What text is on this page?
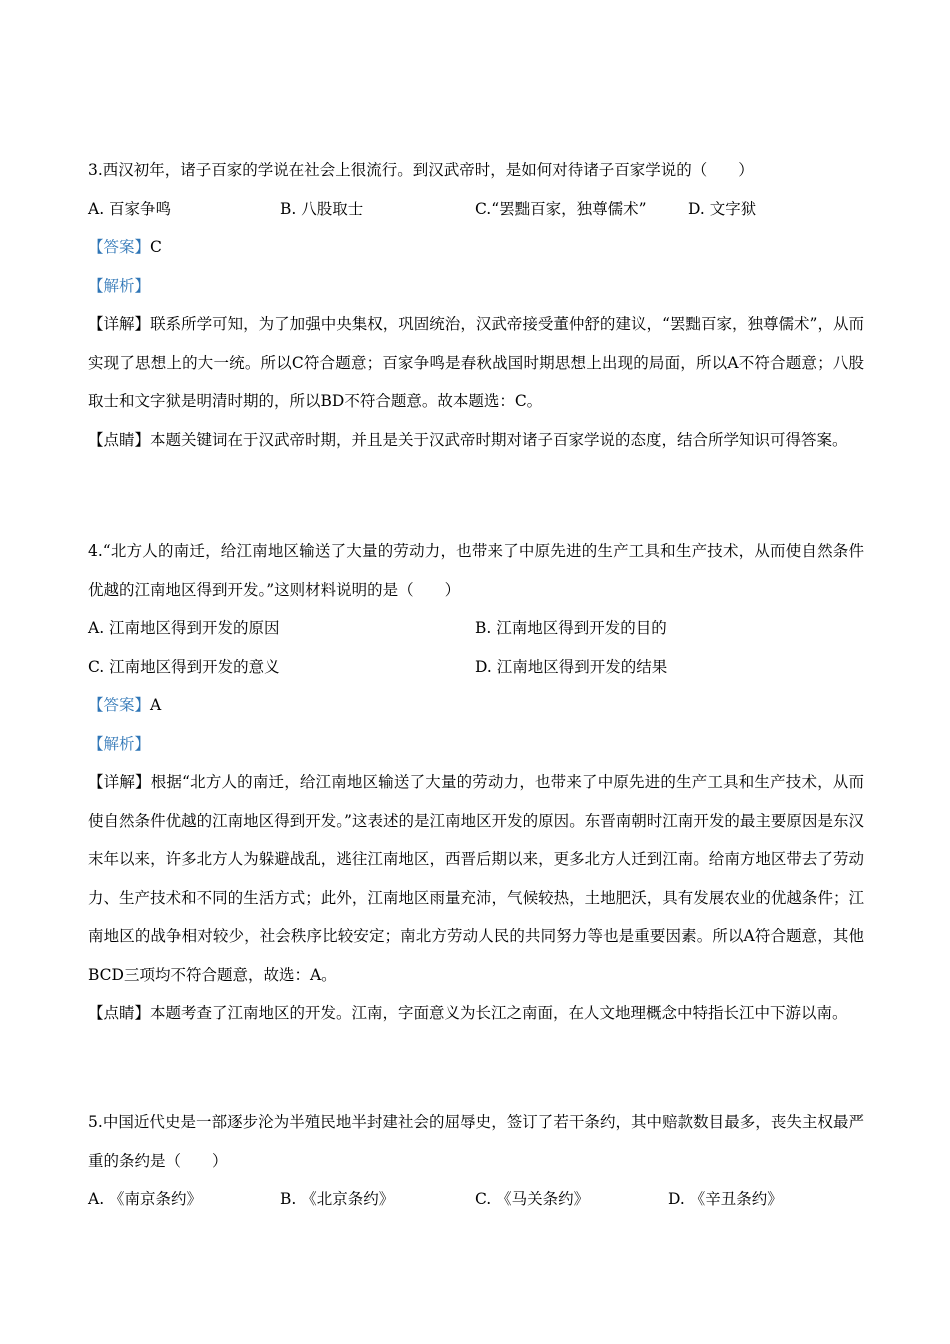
3.西汉初年，诸子百家的学说在社会上很流行。到汉武帝时，是如何对待诸子百家学说的（　　）
A. 百家争鸣	B. 八股取士	C.“罢黜百家，独尊儒术”	D. 文字狱
【答案】C
【解析】
【详解】联系所学可知，为了加强中央集权，巩固统治，汉武帝接受董仲舒的建议，“罢黜百家，独尊儒术”，从而实现了思想上的大一统。所以C符合题意；百家争鸣是春秋战国时期思想上出现的局面，所以A不符合题意；八股取士和文字狱是明清时期的，所以BD不符合题意。故本题选：C。
【点睛】本题关键词在于汉武帝时期，并且是关于汉武帝时期对诸子百家学说的态度，结合所学知识可得答案。
4.“北方人的南迁，给江南地区输送了大量的劳动力，也带来了中原先进的生产工具和生产技术，从而使自然条件优越的江南地区得到开发。”这则材料说明的是（　　）
A. 江南地区得到开发的原因	B. 江南地区得到开发的目的
C. 江南地区得到开发的意义	D. 江南地区得到开发的结果
【答案】A
【解析】
【详解】根据“北方人的南迁，给江南地区输送了大量的劳动力，也带来了中原先进的生产工具和生产技术，从而使自然条件优越的江南地区得到开发。”这表述的是江南地区开发的原因。东晋南朝时江南开发的最主要原因是东汉末年以来，许多北方人为躲避战乱，逃往江南地区，西晋后期以来，更多北方人迁到江南。给南方地区带去了劳动力、生产技术和不同的生活方式；此外，江南地区雨量充沛，气候较热，土地肥沃，具有发展农业的优越条件；江南地区的战争相对较少，社会秩序比较安定；南北方劳动人民的共同努力等也是重要因素。所以A符合题意，其他BCD三项均不符合题意，故选：A。
【点睛】本题考查了江南地区的开发。江南，字面意义为长江之南面，在人文地理概念中特指长江中下游以南。
5.中国近代史是一部逐步沦为半殖民地半封建社会的屈辱史，签订了若干条约，其中赔款数目最多，丧失主权最严重的条约是（　　）
A. 《南京条约》	B. 《北京条约》	C. 《马关条约》	D. 《辛丑条约》
